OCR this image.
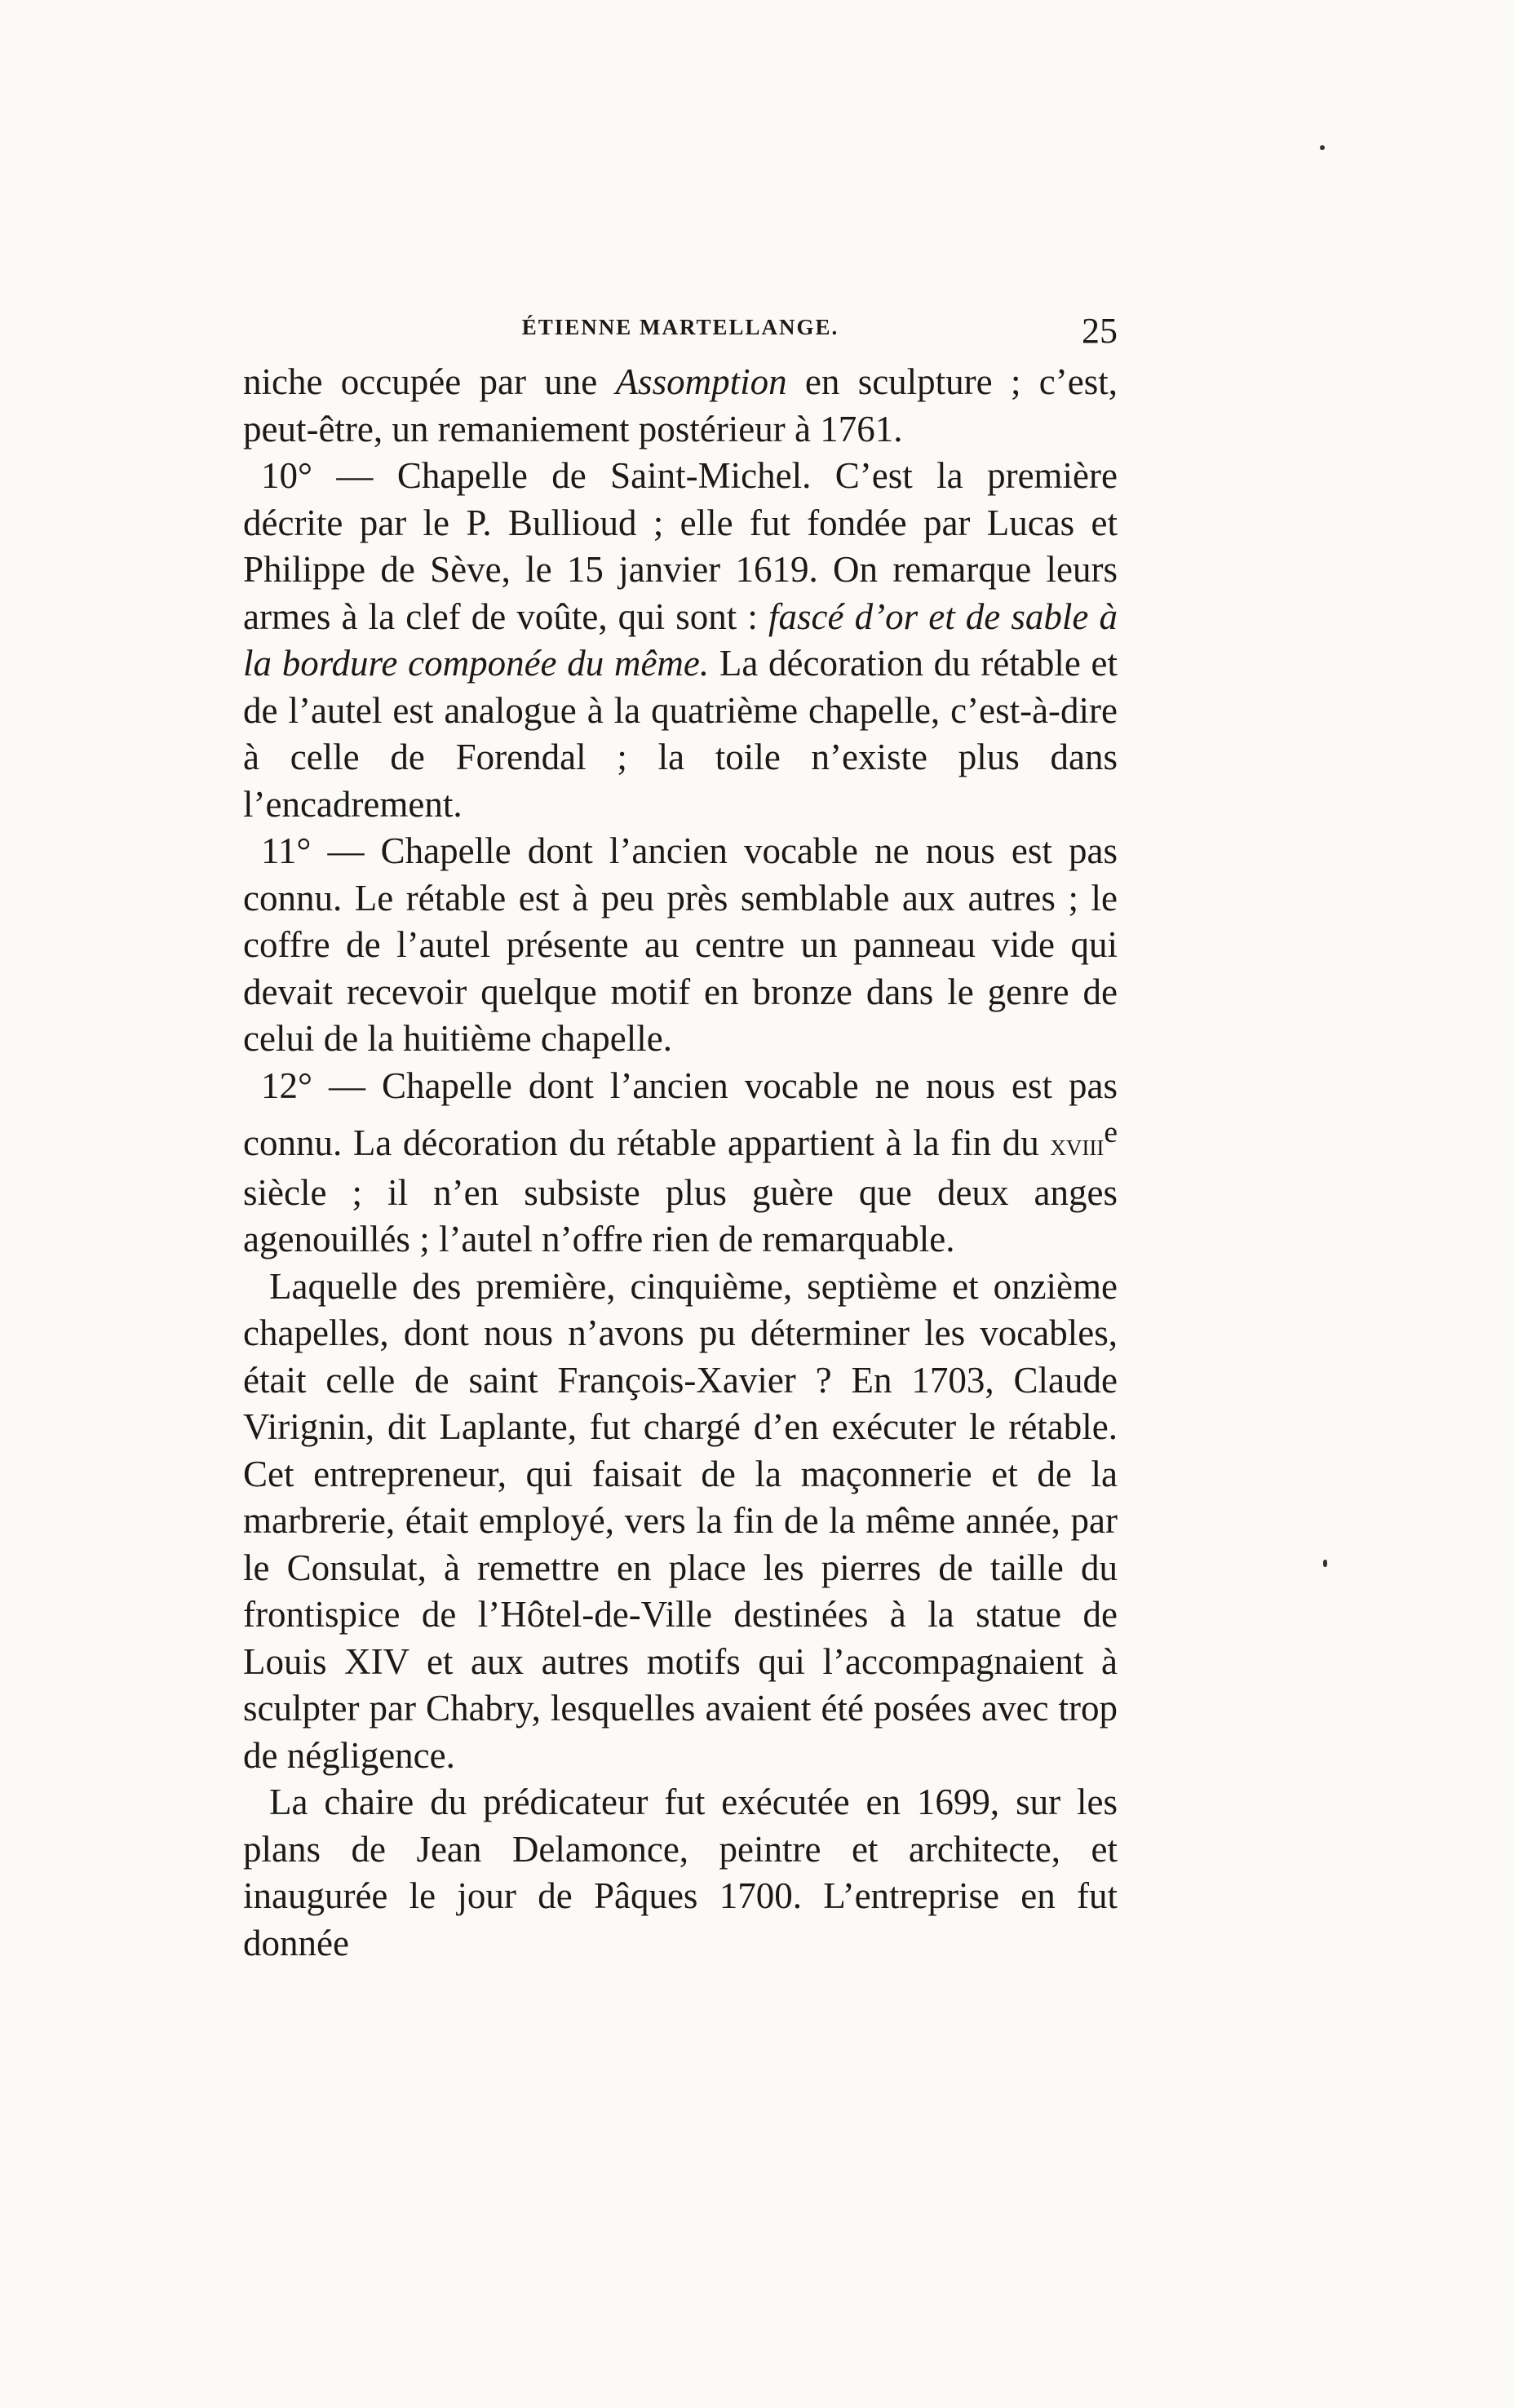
ÉTIENNE MARTELLANGE.	25

niche occupée par une Assomption en sculpture ; c’est, peut-être, un remaniement postérieur à 1761.

10° — Chapelle de Saint-Michel. C’est la première décrite par le P. Bullioud ; elle fut fondée par Lucas et Philippe de Sève, le 15 janvier 1619. On remarque leurs armes à la clef de voûte, qui sont : fascé d’or et de sable à la bordure componée du même. La décoration du rétable et de l’autel est analogue à la quatrième chapelle, c’est-à-dire à celle de Forendal ; la toile n’existe plus dans l’encadrement.

11° — Chapelle dont l’ancien vocable ne nous est pas connu. Le rétable est à peu près semblable aux autres ; le coffre de l’autel présente au centre un panneau vide qui devait recevoir quelque motif en bronze dans le genre de celui de la huitième chapelle.

12° — Chapelle dont l’ancien vocable ne nous est pas connu. La décoration du rétable appartient à la fin du xviii$^e$ siècle ; il n’en subsiste plus guère que deux anges agenouillés ; l’autel n’offre rien de remarquable.

Laquelle des première, cinquième, septième et onzième chapelles, dont nous n’avons pu déterminer les vocables, était celle de saint François-Xavier ? En 1703, Claude Virignin, dit Laplante, fut chargé d’en exécuter le rétable. Cet entrepreneur, qui faisait de la maçonnerie et de la marbrerie, était employé, vers la fin de la même année, par le Consulat, à remettre en place les pierres de taille du frontispice de l’Hôtel-de-Ville destinées à la statue de Louis XIV et aux autres motifs qui l’accompagnaient à sculpter par Chabry, lesquelles avaient été posées avec trop de négligence.

La chaire du prédicateur fut exécutée en 1699, sur les plans de Jean Delamonce, peintre et architecte, et inaugurée le jour de Pâques 1700. L’entreprise en fut donnée
